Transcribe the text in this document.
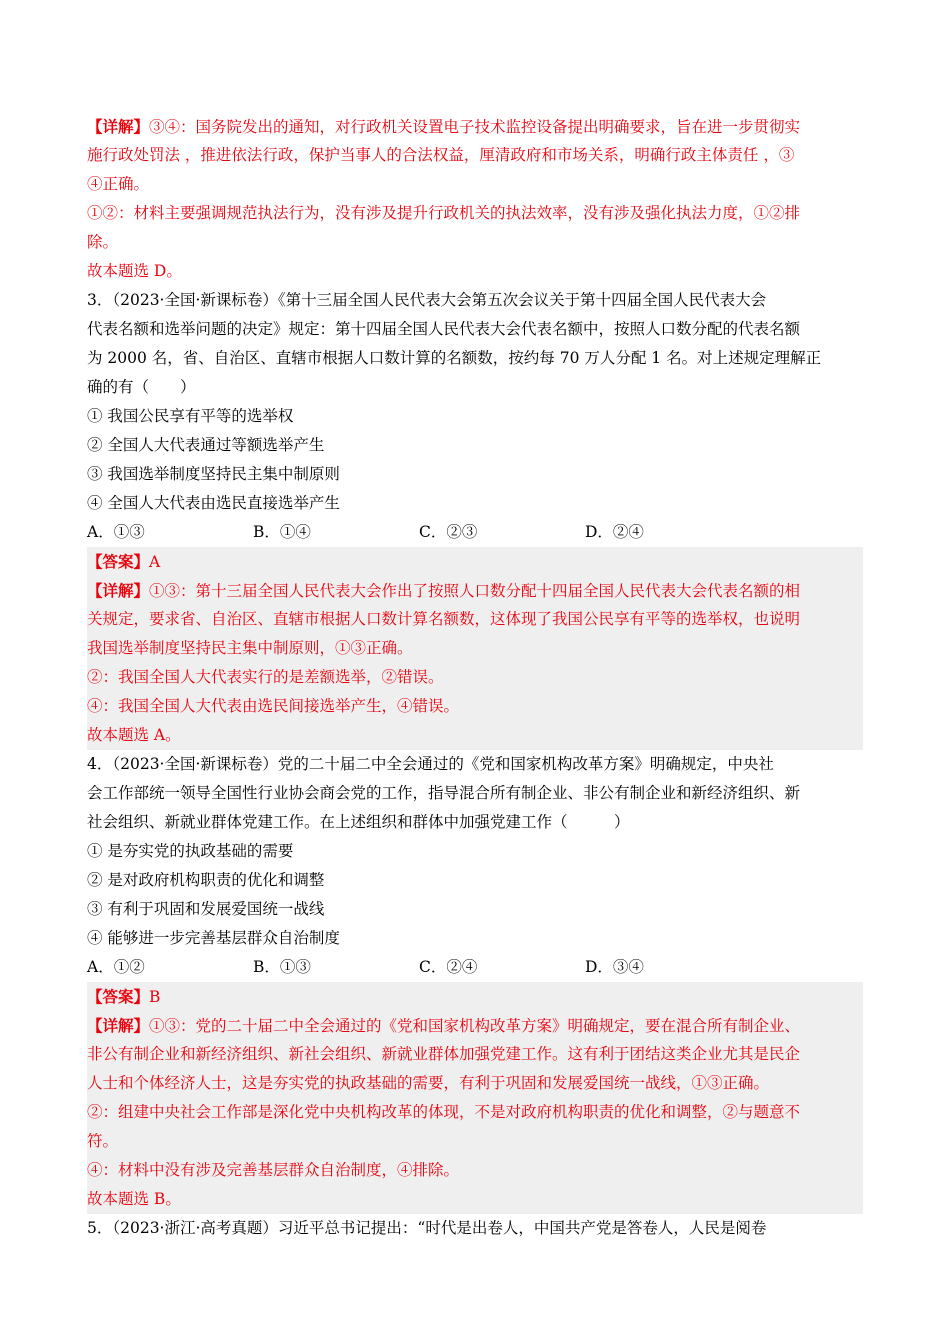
【详解】③④：国务院发出的通知，对行政机关设置电子技术监控设备提出明确要求，旨在进一步贯彻实
施行政处罚法 ，推进依法行政，保护当事人的合法权益，厘清政府和市场关系，明确行政主体责任 ，③
④正确。
①②：材料主要强调规范执法行为，没有涉及提升行政机关的执法效率，没有涉及强化执法力度，①②排
除。
故本题选 D。
3．（2023·全国·新课标卷）《第十三届全国人民代表大会第五次会议关于第十四届全国人民代表大会
代表名额和选举问题的决定》规定：第十四届全国人民代表大会代表名额中，按照人口数分配的代表名额
为 2000 名，省、自治区、直辖市根据人口数计算的名额数，按约每 70 万人分配 1 名。对上述规定理解正
确的有（　　）
① 我国公民享有平等的选举权
② 全国人大代表通过等额选举产生
③ 我国选举制度坚持民主集中制原则
④ 全国人大代表由选民直接选举产生
A．①③	B．①④	C．②③	D．②④
【答案】A
【详解】①③：第十三届全国人民代表大会作出了按照人口数分配十四届全国人民代表大会代表名额的相
关规定，要求省、自治区、直辖市根据人口数计算名额数，这体现了我国公民享有平等的选举权，也说明
我国选举制度坚持民主集中制原则，①③正确。
②：我国全国人大代表实行的是差额选举，②错误。
④：我国全国人大代表由选民间接选举产生，④错误。
故本题选 A。
4．（2023·全国·新课标卷）党的二十届二中全会通过的《党和国家机构改革方案》明确规定，中央社
会工作部统一领导全国性行业协会商会党的工作，指导混合所有制企业、非公有制企业和新经济组织、新
社会组织、新就业群体党建工作。在上述组织和群体中加强党建工作（　　　）
① 是夯实党的执政基础的需要
② 是对政府机构职责的优化和调整
③ 有利于巩固和发展爱国统一战线
④ 能够进一步完善基层群众自治制度
A．①②	B．①③	C．②④	D．③④
【答案】B
【详解】①③：党的二十届二中全会通过的《党和国家机构改革方案》明确规定，要在混合所有制企业、
非公有制企业和新经济组织、新社会组织、新就业群体加强党建工作。这有利于团结这类企业尤其是民企
人士和个体经济人士，这是夯实党的执政基础的需要，有利于巩固和发展爱国统一战线，①③正确。
②：组建中央社会工作部是深化党中央机构改革的体现，不是对政府机构职责的优化和调整，②与题意不
符。
④：材料中没有涉及完善基层群众自治制度，④排除。
故本题选 B。
5．（2023·浙江·高考真题）习近平总书记提出：“时代是出卷人，中国共产党是答卷人，人民是阅卷
